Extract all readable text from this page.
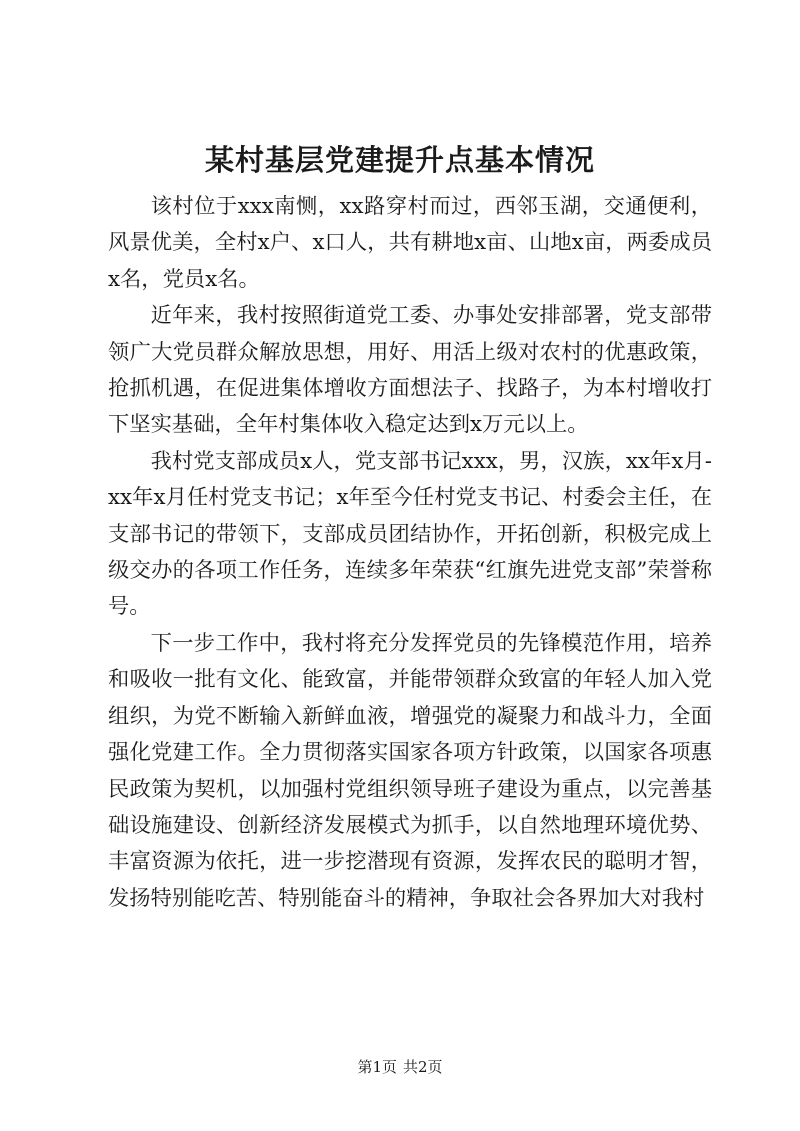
某村基层党建提升点基本情况

该村位于xxx南恻，xx路穿村而过，西邻玉湖，交通便利，风景优美，全村x户、x口人，共有耕地x亩、山地x亩，两委成员x名，党员x名。

近年来，我村按照街道党工委、办事处安排部署，党支部带领广大党员群众解放思想，用好、用活上级对农村的优惠政策，抢抓机遇，在促进集体增收方面想法子、找路子，为本村增收打下坚实基础，全年村集体收入稳定达到x万元以上。

我村党支部成员x人，党支部书记xxx，男，汉族，xx年x月-xx年x月任村党支书记；x年至今任村党支书记、村委会主任，在支部书记的带领下，支部成员团结协作，开拓创新，积极完成上级交办的各项工作任务，连续多年荣获“红旗先进党支部”荣誉称号。

下一步工作中，我村将充分发挥党员的先锋模范作用，培养和吸收一批有文化、能致富，并能带领群众致富的年轻人加入党组织，为党不断输入新鲜血液，增强党的凝聚力和战斗力，全面强化党建工作。全力贯彻落实国家各项方针政策，以国家各项惠民政策为契机，以加强村党组织领导班子建设为重点，以完善基础设施建设、创新经济发展模式为抓手，以自然地理环境优势、丰富资源为依托，进一步挖潜现有资源，发挥农民的聪明才智，发扬特别能吃苦、特别能奋斗的精神，争取社会各界加大对我村

第1页 共2页
